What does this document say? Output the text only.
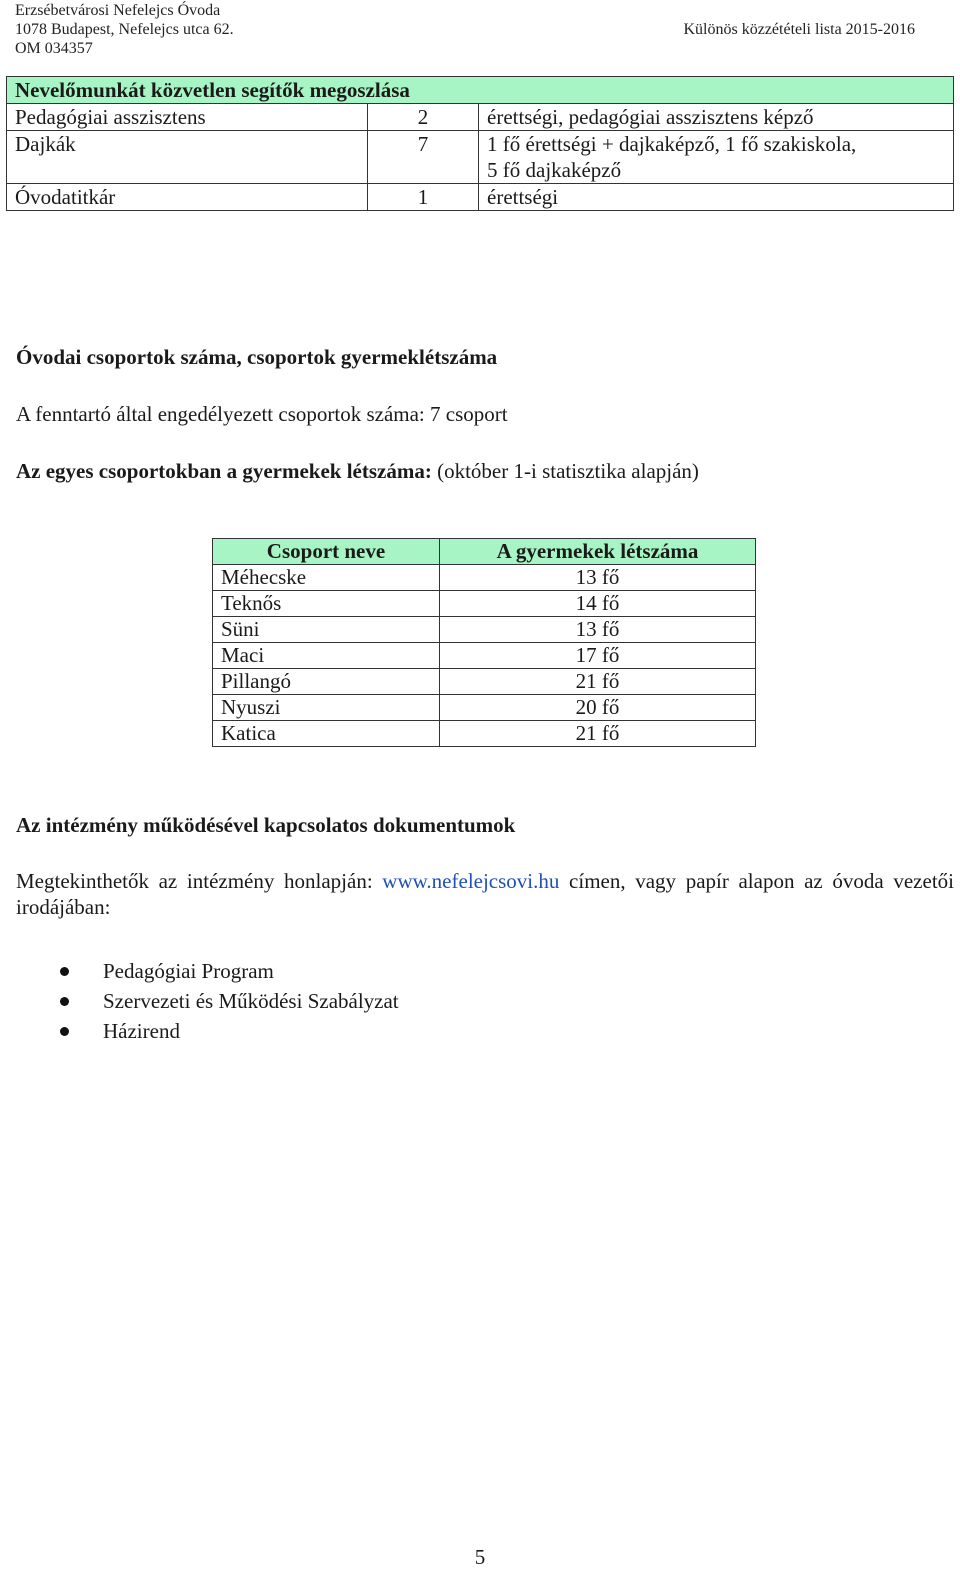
Erzsébetvárosi Nefelejcs Óvoda
1078 Budapest, Nefelejcs utca 62.
OM 034357
Különös közzétételi lista 2015-2016
Nevelőmunkát közvetlen segítők megoszlása		
Pedagógiai asszisztens	2	érettségi, pedagógiai asszisztens képző

Dajkák	7	1 fő érettségi + dajkaképző, 1 fő szakiskola,
5 fő dajkaképző

Óvodatitkár	1	érettségi
Óvodai csoportok száma, csoportok gyermeklétszáma
A fenntartó által engedélyezett csoportok száma: 7 csoport
Az egyes csoportokban a gyermekek létszáma: (október 1-i statisztika alapján)
Csoport neve	A gyermekek létszáma
Méhecske	13 fő
Teknős	14 fő
Süni	13 fő
Maci	17 fő
Pillangó	21 fő
Nyuszi	20 fő
Katica	21 fő
Az intézmény működésével kapcsolatos dokumentumok
Megtekinthetők az intézmény honlapján: www.nefelejcsovi.hu címen, vagy papír alapon az óvoda vezetői irodájában:
Pedagógiai Program
Szervezeti és Működési Szabályzat
Házirend
5
